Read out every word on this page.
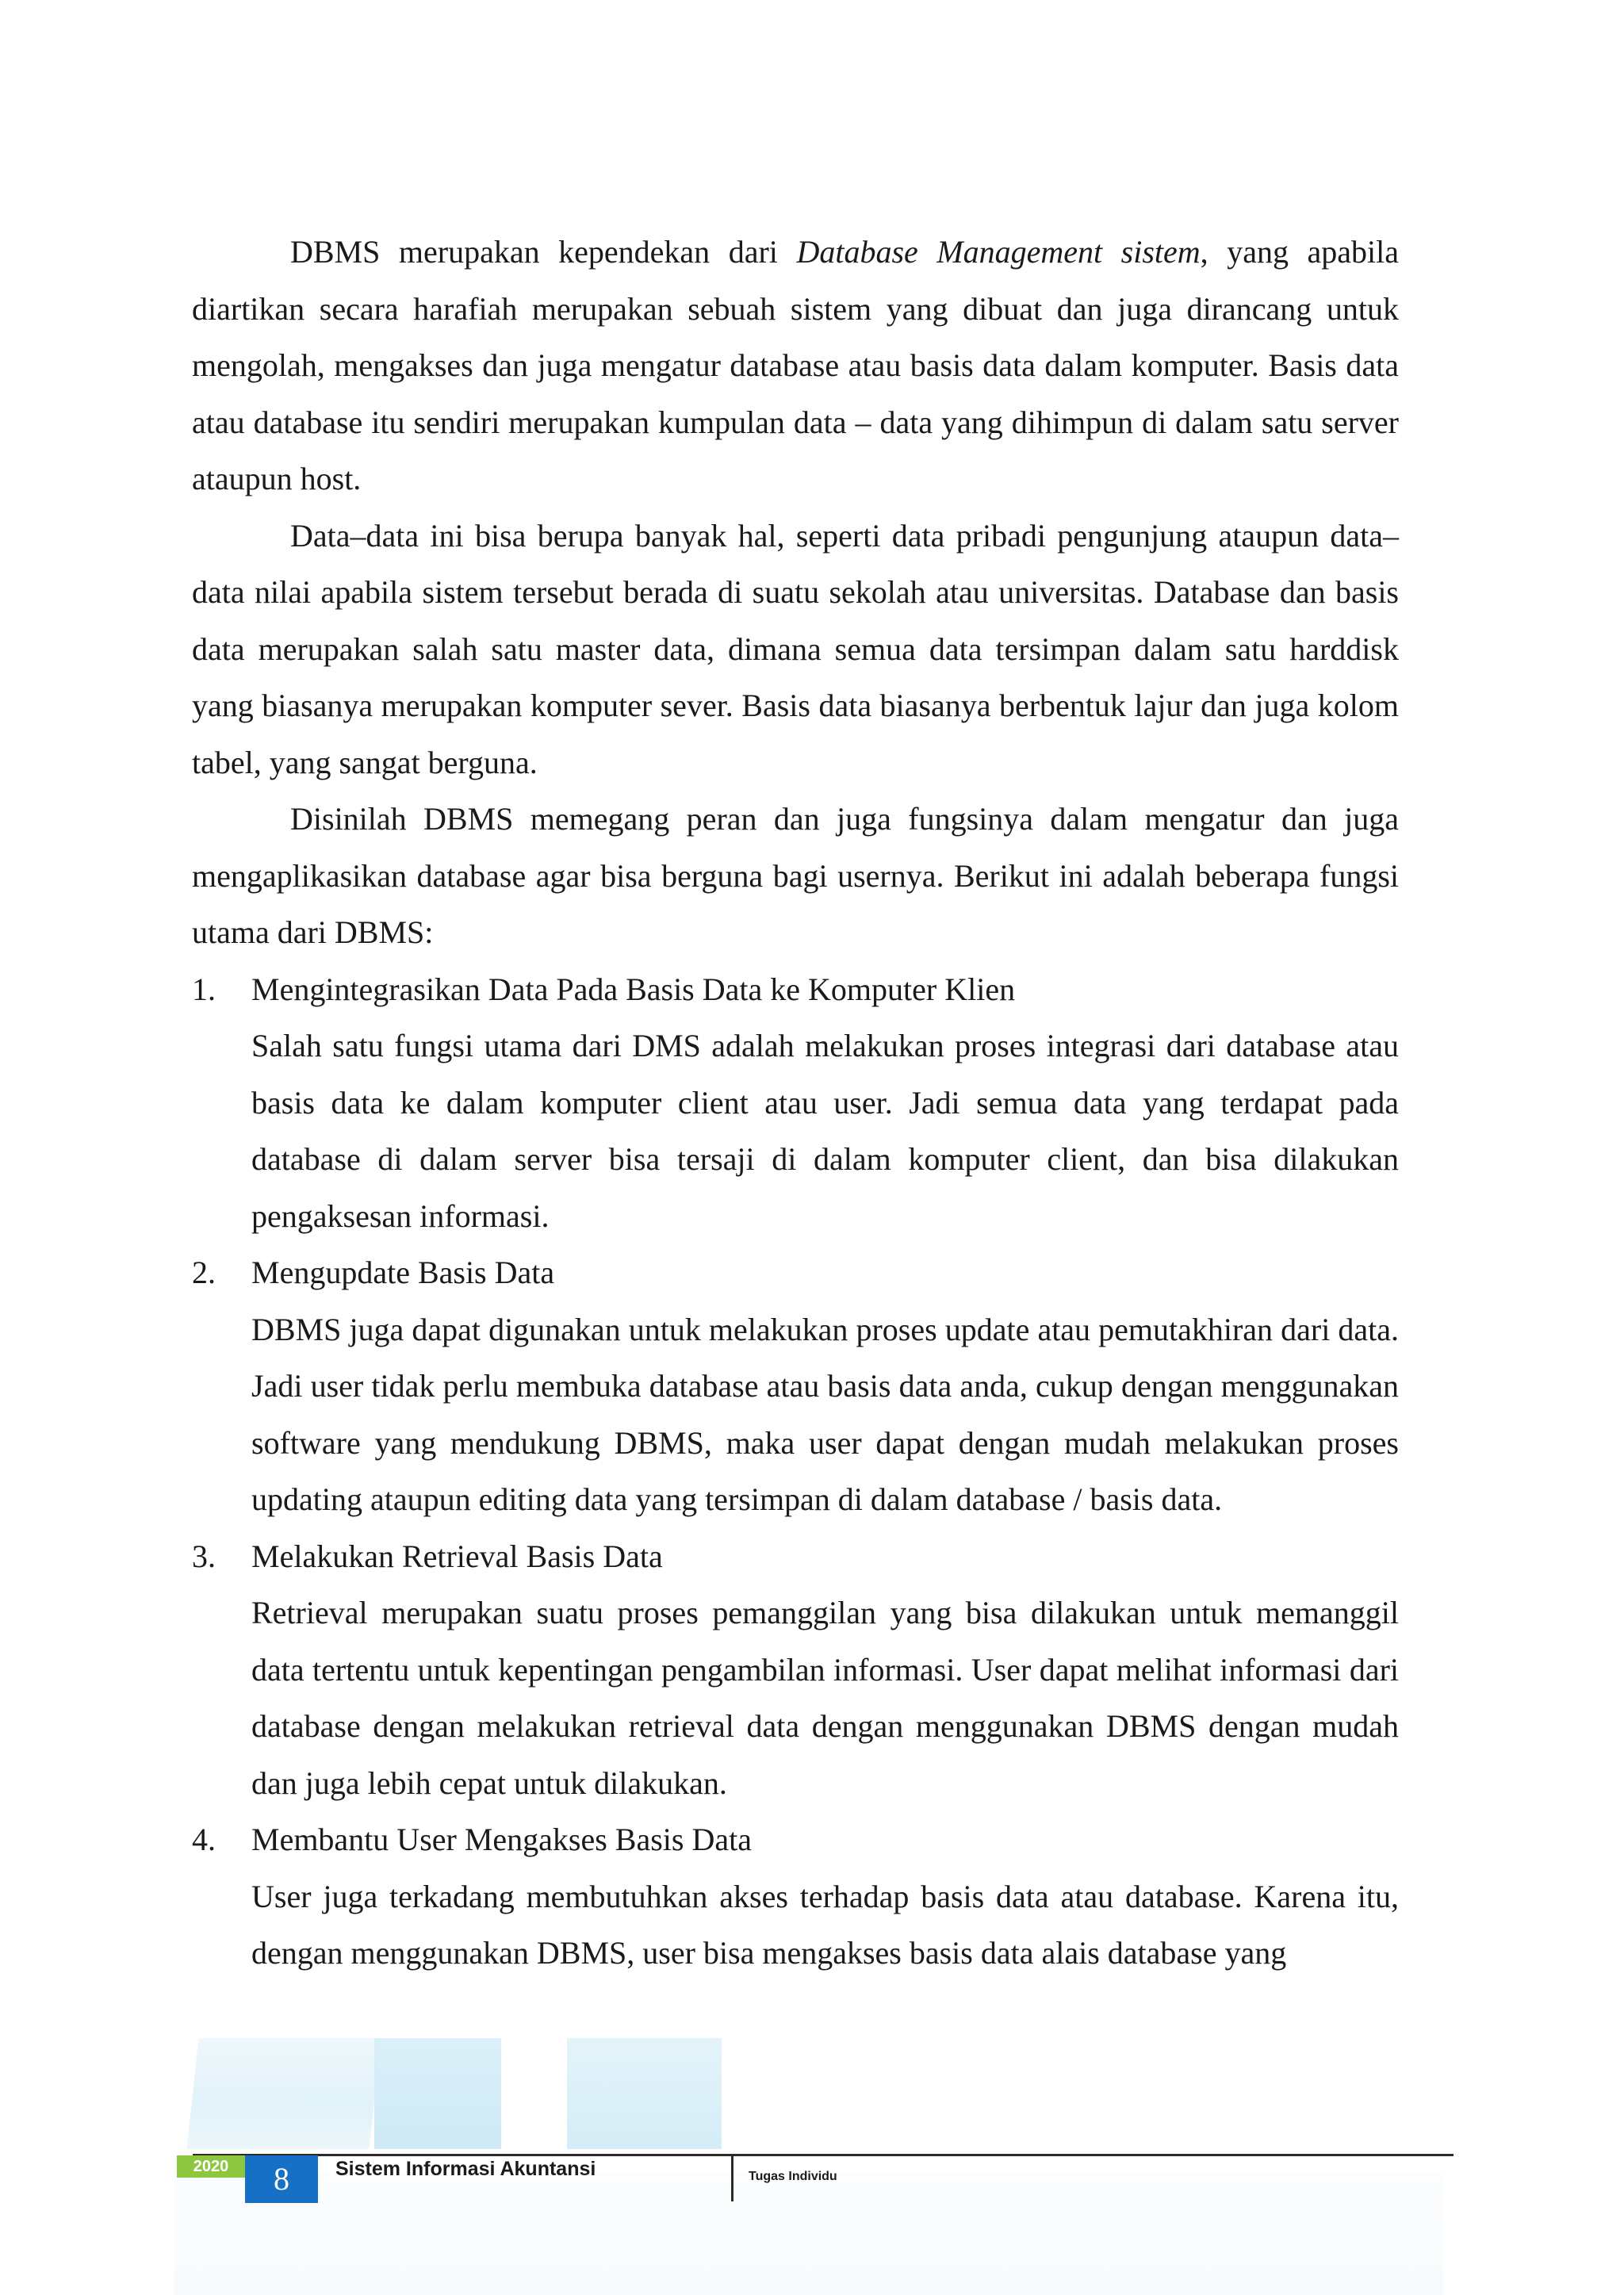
DBMS merupakan kependekan dari Database Management sistem, yang apabila diartikan secara harafiah merupakan sebuah sistem yang dibuat dan juga dirancang untuk mengolah, mengakses dan juga mengatur database atau basis data dalam komputer. Basis data atau database itu sendiri merupakan kumpulan data – data yang dihimpun di dalam satu server ataupun host.

Data–data ini bisa berupa banyak hal, seperti data pribadi pengunjung ataupun data–data nilai apabila sistem tersebut berada di suatu sekolah atau universitas. Database dan basis data merupakan salah satu master data, dimana semua data tersimpan dalam satu harddisk yang biasanya merupakan komputer sever. Basis data biasanya berbentuk lajur dan juga kolom tabel, yang sangat berguna.

Disinilah DBMS memegang peran dan juga fungsinya dalam mengatur dan juga mengaplikasikan database agar bisa berguna bagi usernya. Berikut ini adalah beberapa fungsi utama dari DBMS:

1. Mengintegrasikan Data Pada Basis Data ke Komputer Klien
Salah satu fungsi utama dari DMS adalah melakukan proses integrasi dari database atau basis data ke dalam komputer client atau user. Jadi semua data yang terdapat pada database di dalam server bisa tersaji di dalam komputer client, dan bisa dilakukan pengaksesan informasi.
2. Mengupdate Basis Data
DBMS juga dapat digunakan untuk melakukan proses update atau pemutakhiran dari data. Jadi user tidak perlu membuka database atau basis data anda, cukup dengan menggunakan software yang mendukung DBMS, maka user dapat dengan mudah melakukan proses updating ataupun editing data yang tersimpan di dalam database / basis data.
3. Melakukan Retrieval Basis Data
Retrieval merupakan suatu proses pemanggilan yang bisa dilakukan untuk memanggil data tertentu untuk kepentingan pengambilan informasi. User dapat melihat informasi dari database dengan melakukan retrieval data dengan menggunakan DBMS dengan mudah dan juga lebih cepat untuk dilakukan.
4. Membantu User Mengakses Basis Data
User juga terkadang membutuhkan akses terhadap basis data atau database. Karena itu, dengan menggunakan DBMS, user bisa mengakses basis data alais database yang
2020	8	Sistem Informasi Akuntansi	Tugas Individu
